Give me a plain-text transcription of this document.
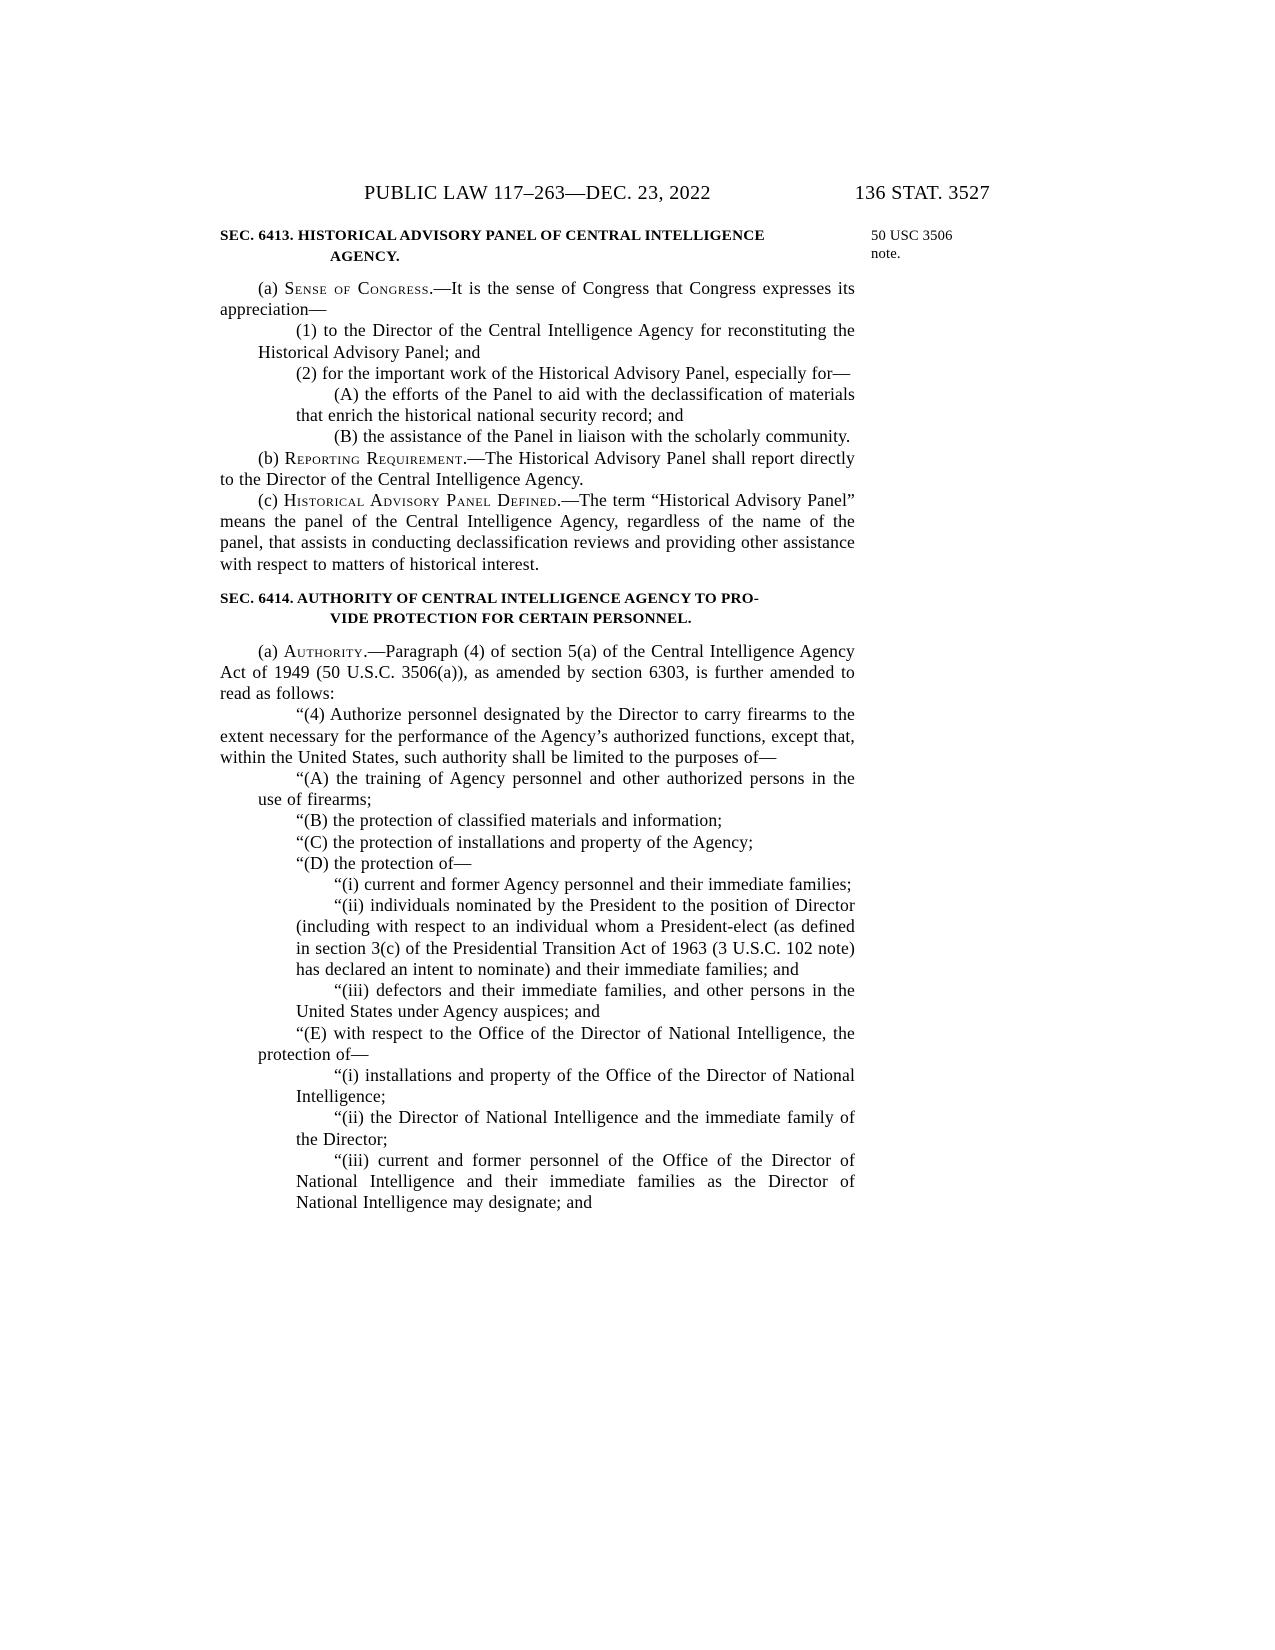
PUBLIC LAW 117–263—DEC. 23, 2022	136 STAT. 3527
SEC. 6413. HISTORICAL ADVISORY PANEL OF CENTRAL INTELLIGENCE
AGENCY.

(a) Sense of Congress.—It is the sense of Congress that Congress expresses its appreciation—

(1) to the Director of the Central Intelligence Agency for reconstituting the Historical Advisory Panel; and

(2) for the important work of the Historical Advisory Panel, especially for—

(A) the efforts of the Panel to aid with the declassification of materials that enrich the historical national security record; and

(B) the assistance of the Panel in liaison with the scholarly community.

(b) Reporting Requirement.—The Historical Advisory Panel shall report directly to the Director of the Central Intelligence Agency.

(c) Historical Advisory Panel Defined.—The term “Historical Advisory Panel” means the panel of the Central Intelligence Agency, regardless of the name of the panel, that assists in conducting declassification reviews and providing other assistance with respect to matters of historical interest.

SEC. 6414. AUTHORITY OF CENTRAL INTELLIGENCE AGENCY TO PRO-
VIDE PROTECTION FOR CERTAIN PERSONNEL.

(a) Authority.—Paragraph (4) of section 5(a) of the Central Intelligence Agency Act of 1949 (50 U.S.C. 3506(a)), as amended by section 6303, is further amended to read as follows:

“(4) Authorize personnel designated by the Director to carry firearms to the extent necessary for the performance of the Agency’s authorized functions, except that, within the United States, such authority shall be limited to the purposes of—

“(A) the training of Agency personnel and other authorized persons in the use of firearms;

“(B) the protection of classified materials and information;

“(C) the protection of installations and property of the Agency;

“(D) the protection of—

“(i) current and former Agency personnel and their immediate families;

“(ii) individuals nominated by the President to the position of Director (including with respect to an individual whom a President-elect (as defined in section 3(c) of the Presidential Transition Act of 1963 (3 U.S.C. 102 note) has declared an intent to nominate) and their immediate families; and

“(iii) defectors and their immediate families, and other persons in the United States under Agency auspices; and

“(E) with respect to the Office of the Director of National Intelligence, the protection of—

“(i) installations and property of the Office of the Director of National Intelligence;

“(ii) the Director of National Intelligence and the immediate family of the Director;

“(iii) current and former personnel of the Office of the Director of National Intelligence and their immediate families as the Director of National Intelligence may designate; and

50 USC 3506 note.
